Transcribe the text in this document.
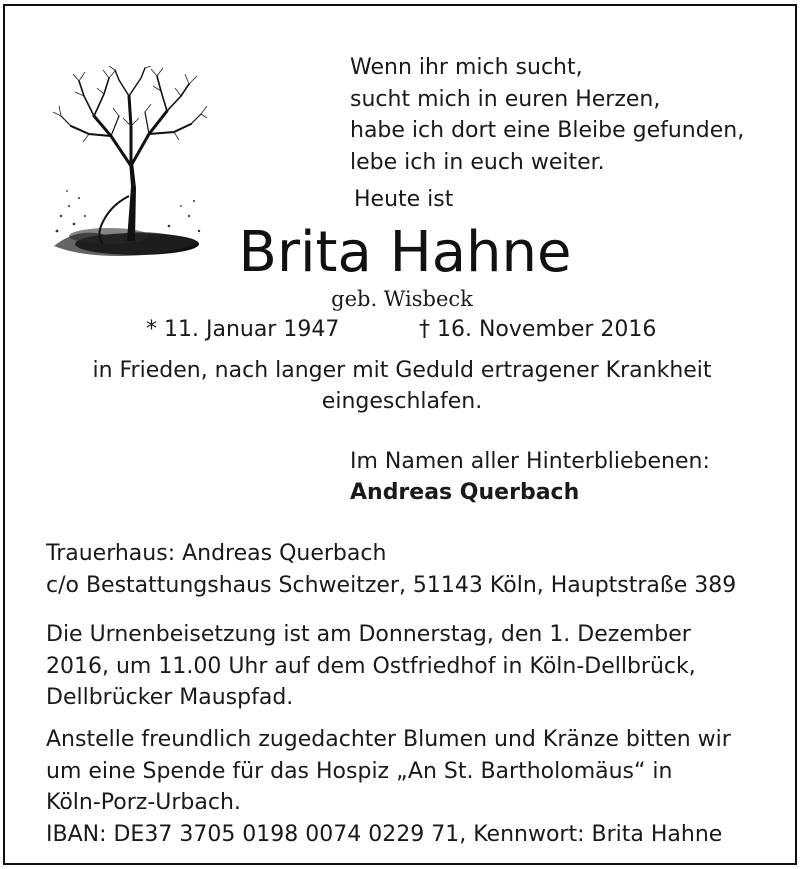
Wenn ihr mich sucht,
sucht mich in euren Herzen,
habe ich dort eine Bleibe gefunden,
lebe ich in euch weiter.
Heute ist
Brita Hahne
geb. Wisbeck
* 11. Januar 1947	† 16. November 2016
in Frieden, nach langer mit Geduld ertragener Krankheit
eingeschlafen.
Im Namen aller Hinterbliebenen:
Andreas Querbach
Trauerhaus: Andreas Querbach
c/o Bestattungshaus Schweitzer, 51143 Köln, Hauptstraße 389
Die Urnenbeisetzung ist am Donnerstag, den 1. Dezember
2016, um 11.00 Uhr auf dem Ostfriedhof in Köln-Dellbrück,
Dellbrücker Mauspfad.
Anstelle freundlich zugedachter Blumen und Kränze bitten wir
um eine Spende für das Hospiz „An St. Bartholomäus“ in
Köln-Porz-Urbach.
IBAN: DE37 3705 0198 0074 0229 71, Kennwort: Brita Hahne
